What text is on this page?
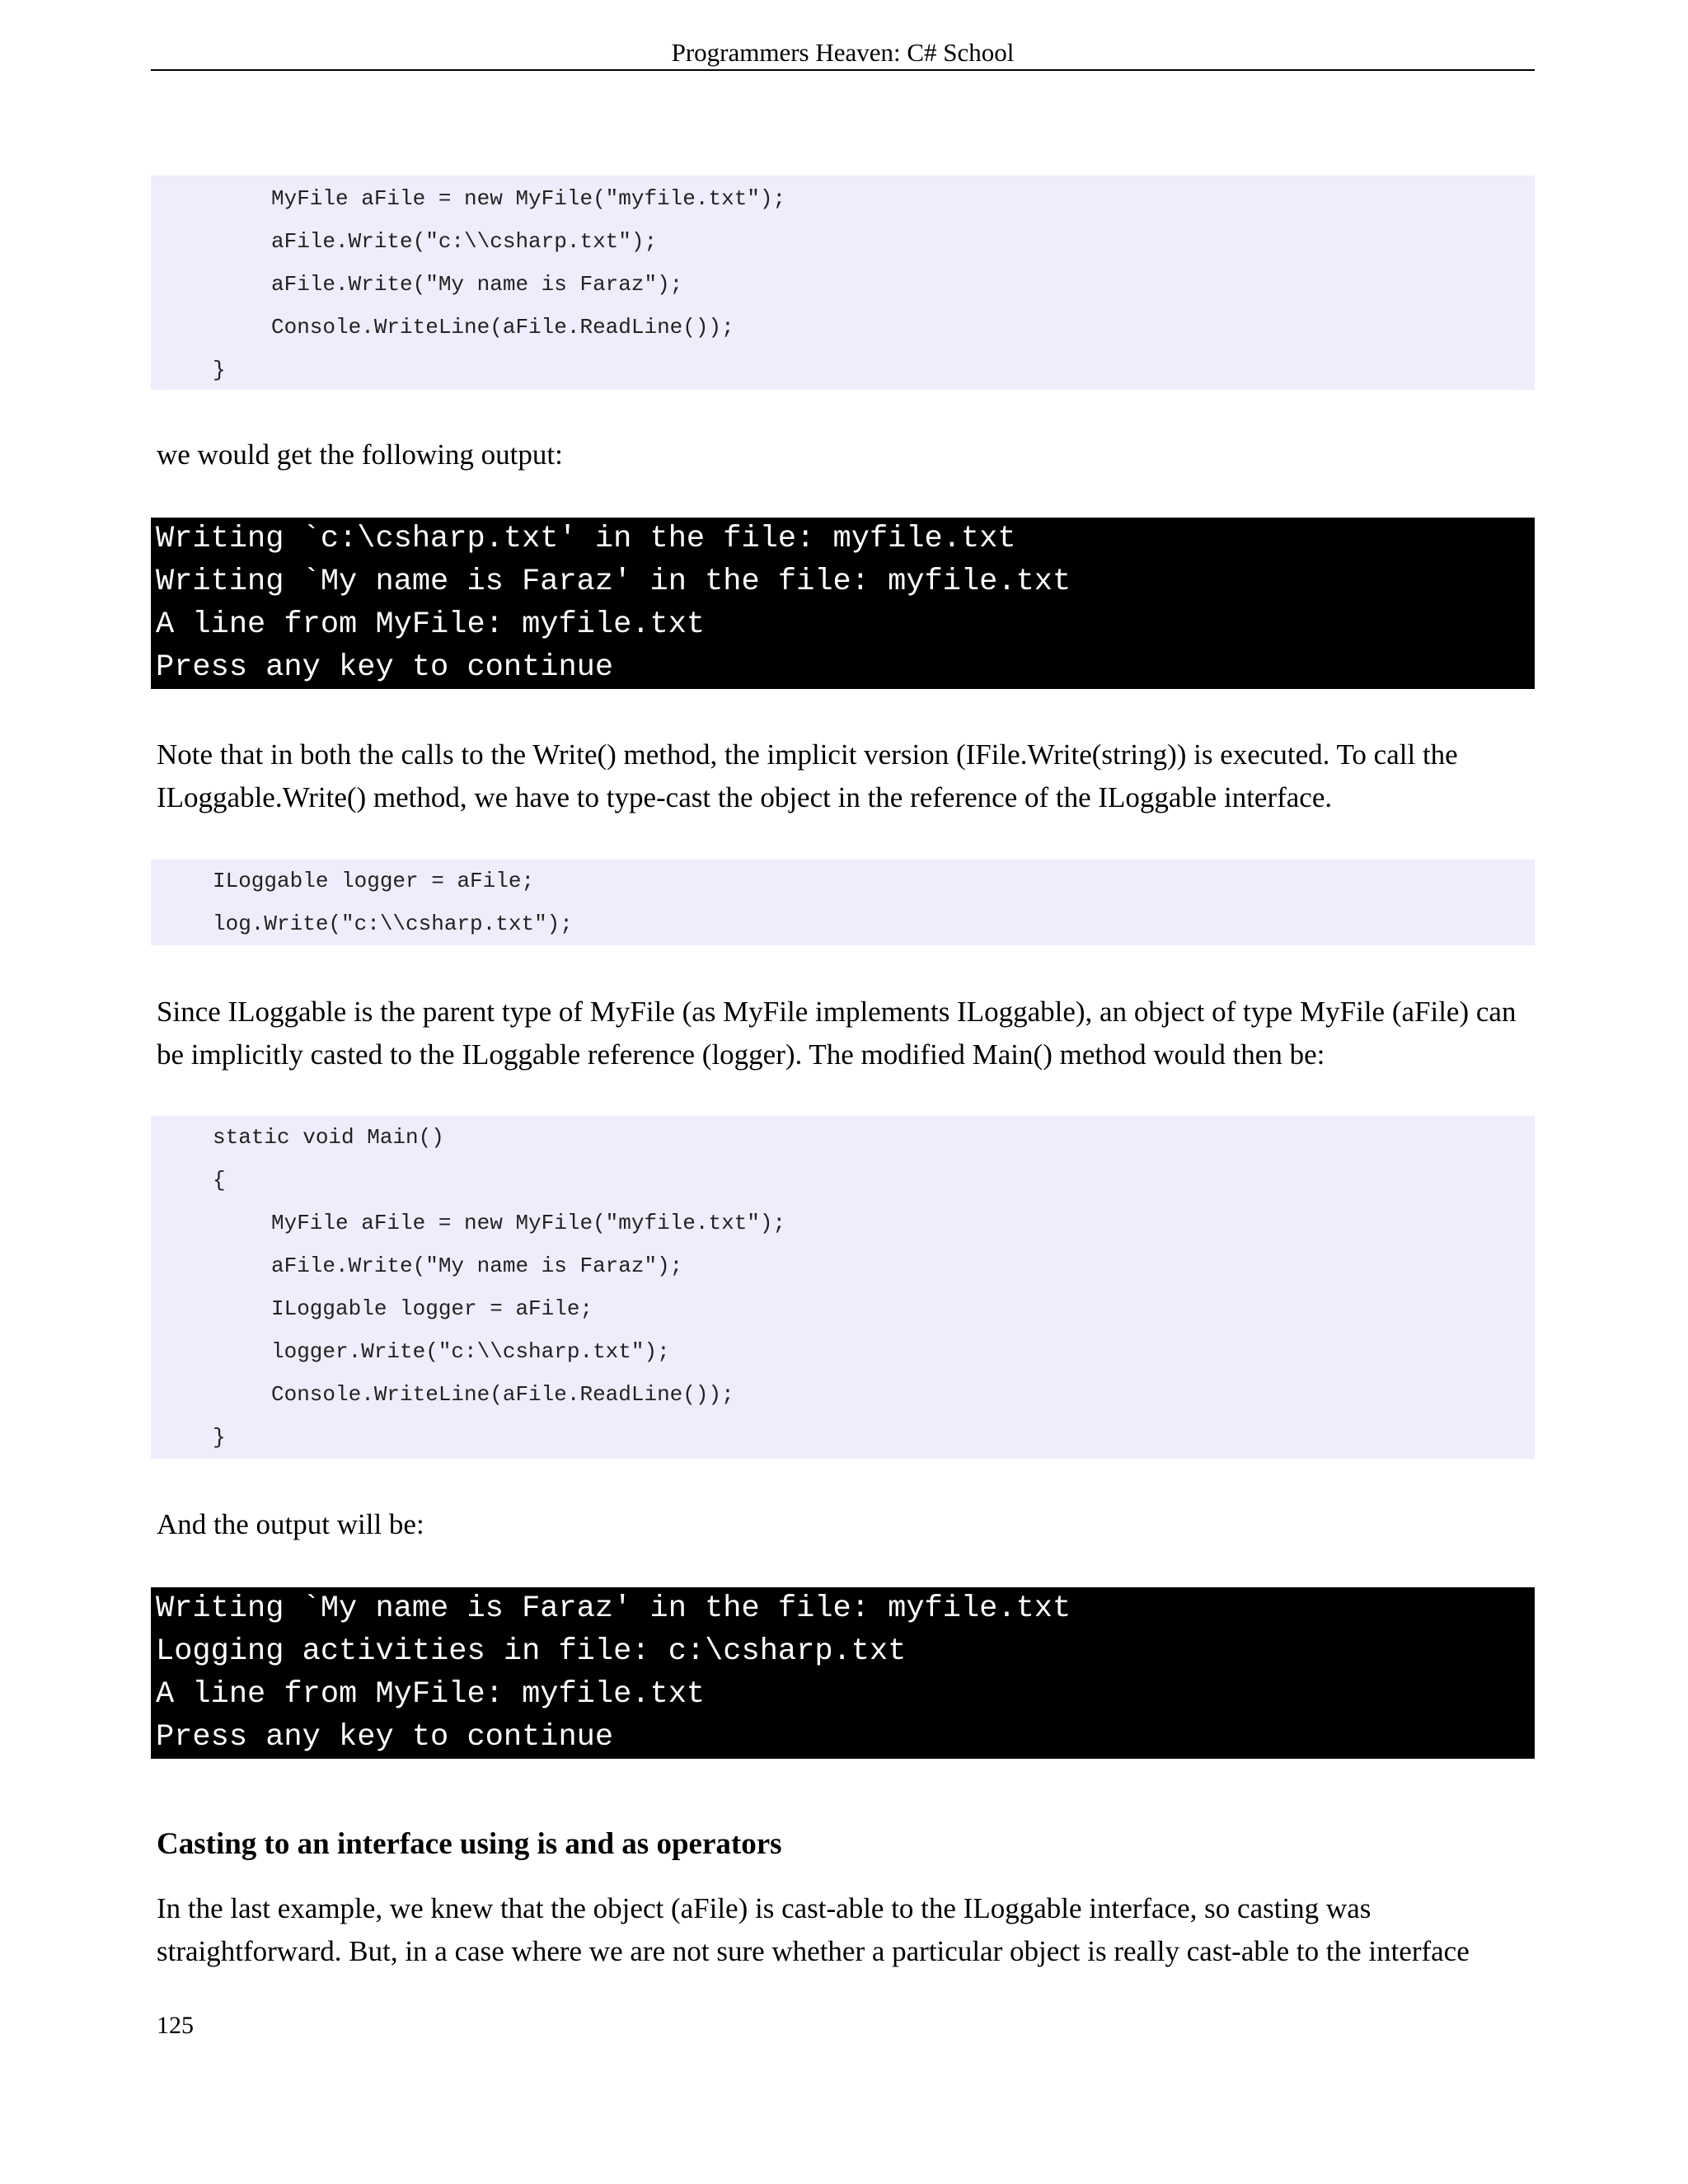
Programmers Heaven: C# School
MyFile aFile = new MyFile("myfile.txt");
aFile.Write("c:\\csharp.txt");
aFile.Write("My name is Faraz");
Console.WriteLine(aFile.ReadLine());
}

we would get the following output:

Writing `c:\csharp.txt' in the file: myfile.txt
Writing `My name is Faraz' in the file: myfile.txt
A line from MyFile: myfile.txt
Press any key to continue

Note that in both the calls to the Write() method, the implicit version (IFile.Write(string)) is executed. To call the ILoggable.Write() method, we have to type-cast the object in the reference of the ILoggable interface.

ILoggable logger = aFile;
log.Write("c:\\csharp.txt");

Since ILoggable is the parent type of MyFile (as MyFile implements ILoggable), an object of type MyFile (aFile) can be implicitly casted to the ILoggable reference (logger). The modified Main() method would then be:

static void Main()
{
MyFile aFile = new MyFile("myfile.txt");
aFile.Write("My name is Faraz");
ILoggable logger = aFile;
logger.Write("c:\\csharp.txt");
Console.WriteLine(aFile.ReadLine());
}

And the output will be:

Writing `My name is Faraz' in the file: myfile.txt
Logging activities in file: c:\csharp.txt
A line from MyFile: myfile.txt
Press any key to continue
Casting to an interface using is and as operators

In the last example, we knew that the object (aFile) is cast-able to the ILoggable interface, so casting was straightforward. But, in a case where we are not sure whether a particular object is really cast-able to the interface

125
